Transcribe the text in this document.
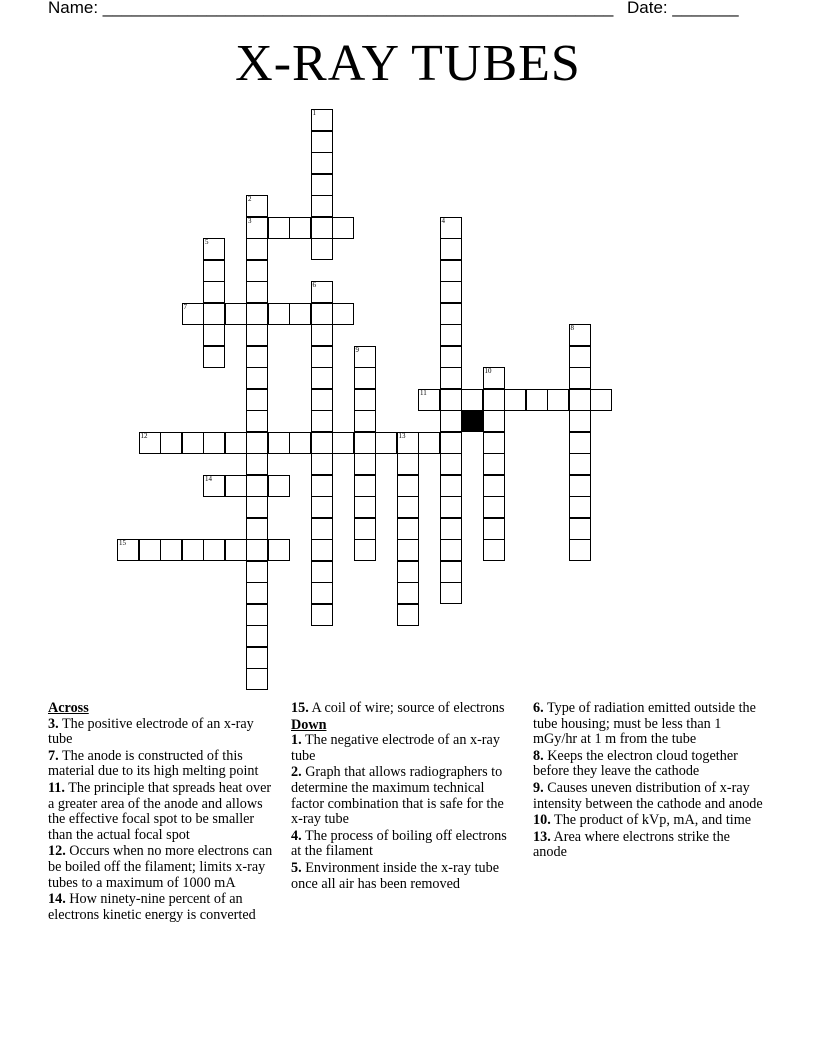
Name: ______________________________________________________ Date: _______
X-RAY TUBES
1
2
3	4
5
6
7
8
9
10
11
12	13
14
15
Across
3. The positive electrode of an x-ray tube
7. The anode is constructed of this material due to its high melting point
11. The principle that spreads heat over a greater area of the anode and allows the effective focal spot to be smaller than the actual focal spot
12. Occurs when no more electrons can be boiled off the filament; limits x-ray tubes to a maximum of 1000 mA
14. How ninety-nine percent of an electrons kinetic energy is converted
15. A coil of wire; source of electrons
Down
1. The negative electrode of an x-ray tube
2. Graph that allows radiographers to determine the maximum technical factor combination that is safe for the x-ray tube
4. The process of boiling off electrons at the filament
5. Environment inside the x-ray tube once all air has been removed
6. Type of radiation emitted outside the tube housing; must be less than 1 mGy/hr at 1 m from the tube
8. Keeps the electron cloud together before they leave the cathode
9. Causes uneven distribution of x-ray intensity between the cathode and anode
10. The product of kVp, mA, and time
13. Area where electrons strike the anode
